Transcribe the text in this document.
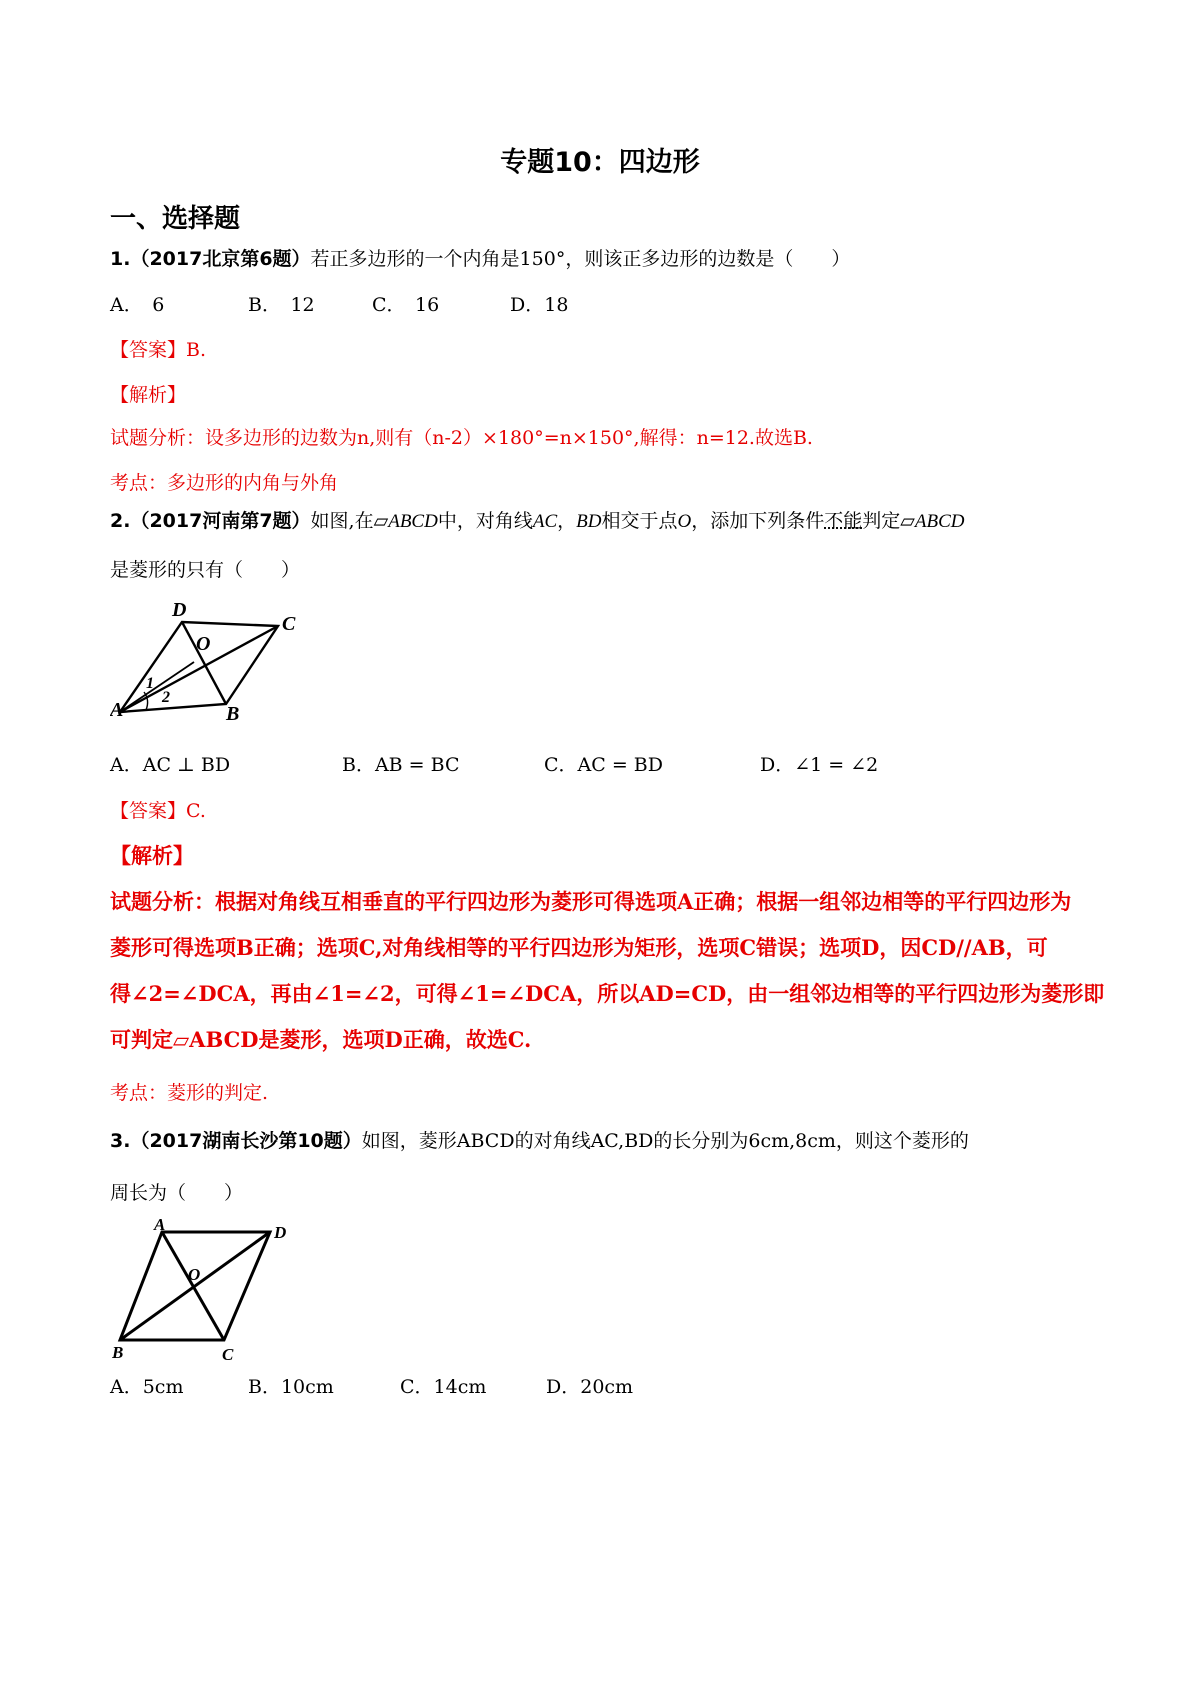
专题10：四边形
一、选择题
1.（2017北京第6题）若正多边形的一个内角是150°，则该正多边形的边数是（　　）
A．　6	B．　12	C．　16	D．18
【答案】B.
【解析】
试题分析：设多边形的边数为n,则有（n-2）×180°=n×150°,解得：n=12.故选B.
考点：多边形的内角与外角
2.（2017河南第7题）如图,在▱ABCD中，对角线AC，BD相交于点O，添加下列条件不能判定▱ABCD
是菱形的只有（　　）
D
C
O
A	B
1
2
A．AC ⊥ BD	B．AB = BC	C．AC = BD	D．∠1 = ∠2
【答案】C.
【解析】
试题分析：根据对角线互相垂直的平行四边形为菱形可得选项A正确；根据一组邻边相等的平行四边形为
菱形可得选项B正确；选项C,对角线相等的平行四边形为矩形，选项C错误；选项D，因CD//AB，可
得∠2=∠DCA，再由∠1=∠2，可得∠1=∠DCA，所以AD=CD，由一组邻边相等的平行四边形为菱形即
可判定▱ABCD是菱形，选项D正确，故选C.
考点：菱形的判定.
3.（2017湖南长沙第10题）如图，菱形ABCD的对角线AC,BD的长分别为6cm,8cm，则这个菱形的
周长为（　　）
A	D
O
B	C
A．5cm	B．10cm	C．14cm	D．20cm
